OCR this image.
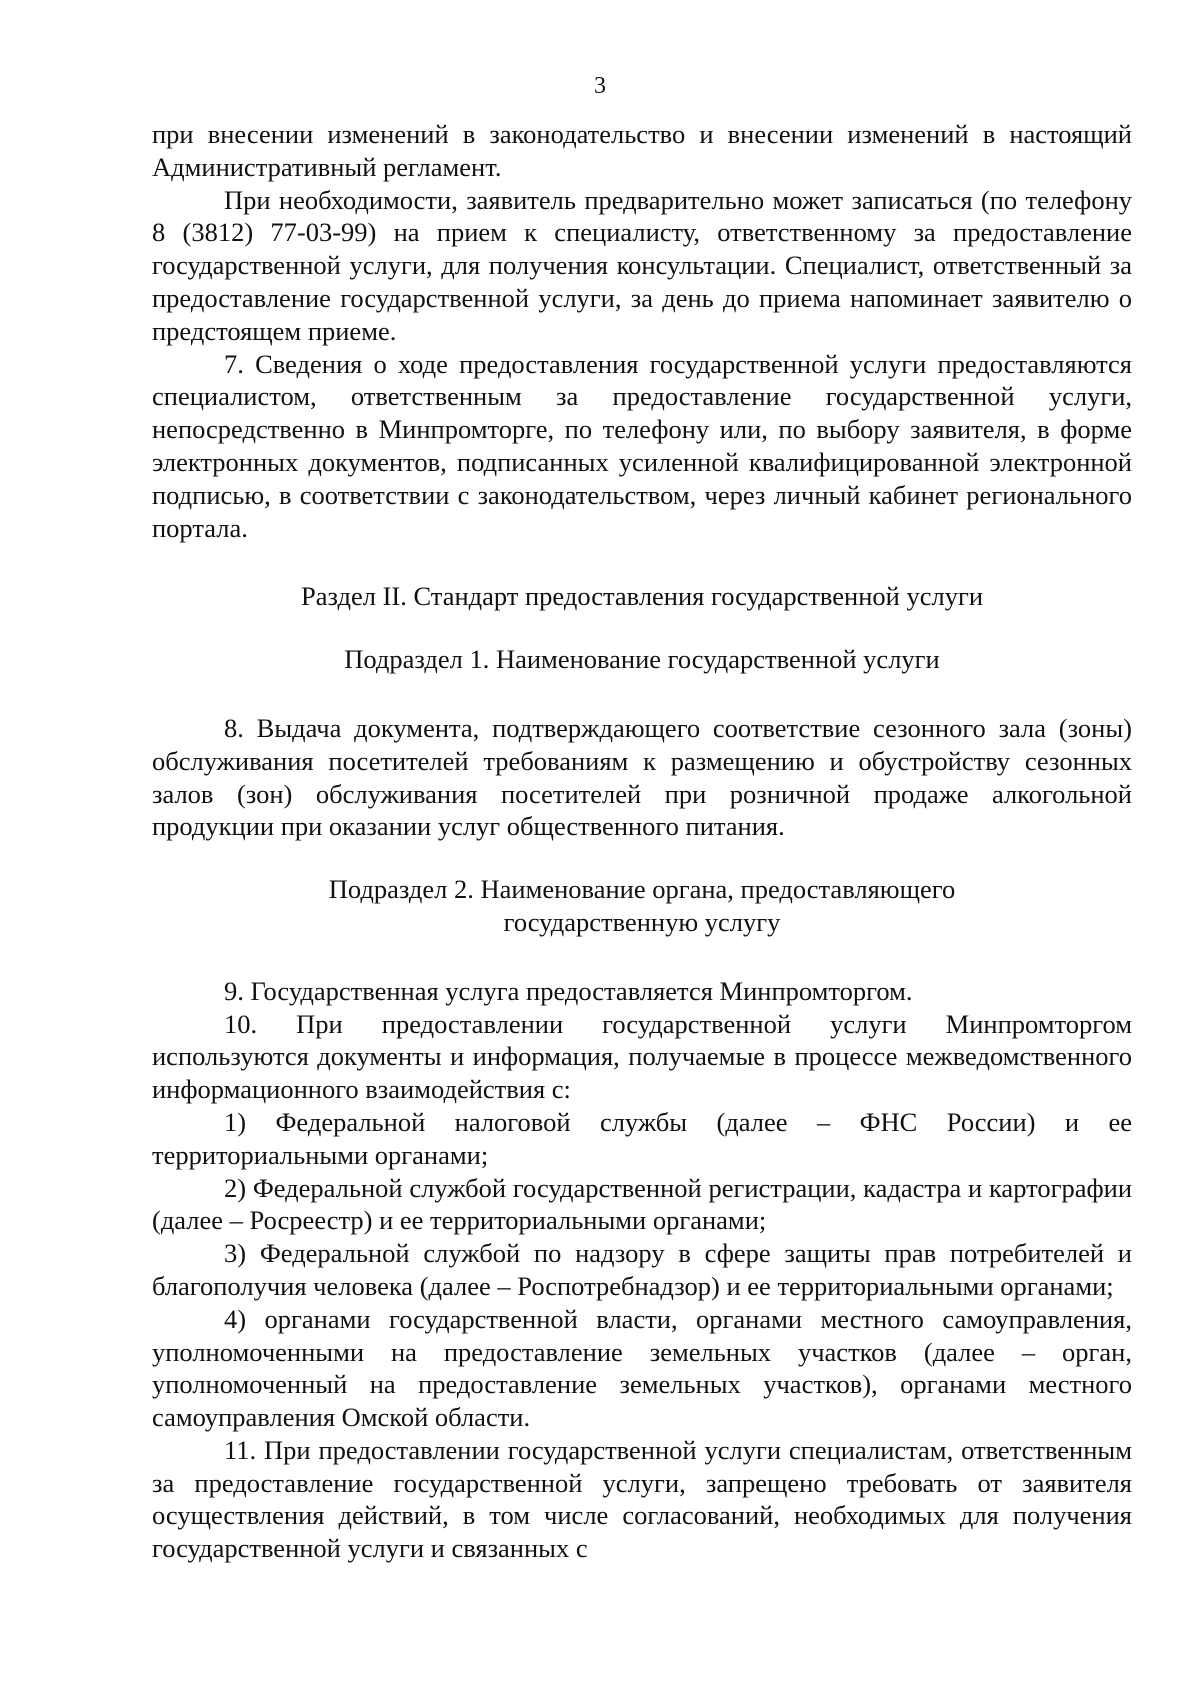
3

при внесении изменений в законодательство и внесении изменений в настоящий Административный регламент.

При необходимости, заявитель предварительно может записаться (по телефону 8 (3812) 77-03-99) на прием к специалисту, ответственному за предоставление государственной услуги, для получения консультации. Специалист, ответственный за предоставление государственной услуги, за день до приема напоминает заявителю о предстоящем приеме.

7. Сведения о ходе предоставления государственной услуги предоставляются специалистом, ответственным за предоставление государственной услуги, непосредственно в Минпромторге, по телефону или, по выбору заявителя, в форме электронных документов, подписанных усиленной квалифицированной электронной подписью, в соответствии с законодательством, через личный кабинет регионального портала.

Раздел II. Стандарт предоставления государственной услуги
Подраздел 1. Наименование государственной услуги

8. Выдача документа, подтверждающего соответствие сезонного зала (зоны) обслуживания посетителей требованиям к размещению и обустройству сезонных залов (зон) обслуживания посетителей при розничной продаже алкогольной продукции при оказании услуг общественного питания.

Подраздел 2. Наименование органа, предоставляющего
государственную услугу

9. Государственная услуга предоставляется Минпромторгом.

10. При предоставлении государственной услуги Минпромторгом используются документы и информация, получаемые в процессе межведомственного информационного взаимодействия с:

1) Федеральной налоговой службы (далее – ФНС России) и ее территориальными органами;

2) Федеральной службой государственной регистрации, кадастра и картографии (далее – Росреестр) и ее территориальными органами;

3) Федеральной службой по надзору в сфере защиты прав потребителей и благополучия человека (далее – Роспотребнадзор) и ее территориальными органами;

4) органами государственной власти, органами местного самоуправления, уполномоченными на предоставление земельных участков (далее – орган, уполномоченный на предоставление земельных участков), органами местного самоуправления Омской области.

11. При предоставлении государственной услуги специалистам, ответственным за предоставление государственной услуги, запрещено требовать от заявителя осуществления действий, в том числе согласований, необходимых для получения государственной услуги и связанных с
